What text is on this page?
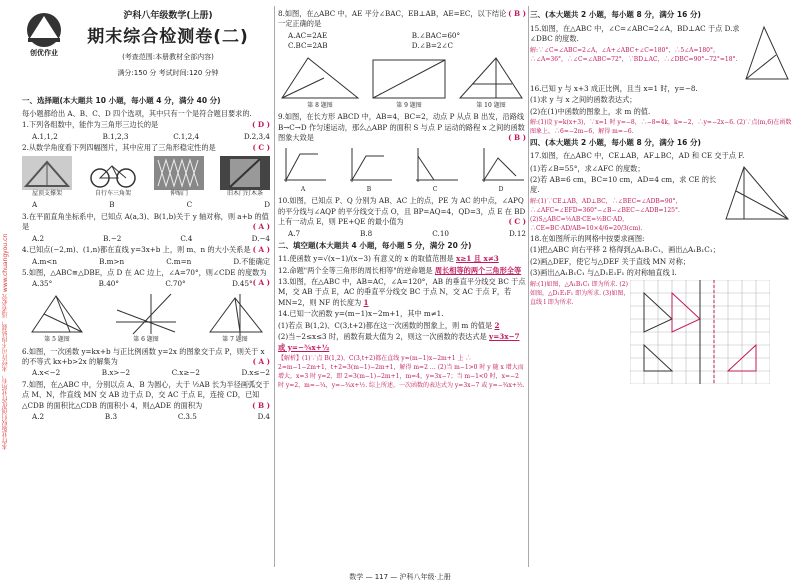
本作业版权归创优作业所有，未经许可不得转载，违者必究 www.chuangyou.cn
创优作业
沪科八年级数学(上册)
期末综合检测卷(二)
(考查范围:本册教材全部内容)
满分:150 分 考试时间:120 分钟
一、选择题(本大题共 10 小题，每小题 4 分，满分 40 分)
每小题都给出 A、B、C、D 四个选项，其中只有一个是符合题目要求的.
( D )
1.下列各组数中，能作为三角形三边长的是
A.1,1,2	B.1,2,3	C.1,2,4	D.2,3,4
( C )
2.从数学角度看下列四幅图片，其中应用了三角形稳定性的是
屋顶支撑架	自行车三角架	伸缩门	旧木门钉木条
A	B	C	D
3.在平面直角坐标系中，已知点 A(a,3)、B(1,b)关于 y 轴对称，则 a+b 的值是	( A )
A.2	B.−2	C.4	D.−4
4.已知点(−2,m)、(1,n)都在直线 y=3x+b 上，则 m、n 的大小关系是 ( A )
A.m<n	B.m>n	C.m=n	D.不能确定
5.如图，△ABC≌△DBE，点 D 在 AC 边上，∠A=70°，则∠CDE 的度数为
( A )
A.35°	B.40°	C.70°	D.45°
第 5 题图	第 6 题图	第 7 题图
6.如图，一次函数 y=kx+b 与正比例函数 y=2x 的图象交于点 P，则关于 x 的不等式 kx+b>2x 的解集为	( A )
A.x<−2	B.x>−2	C.x≥−2	D.x≤−2
7.如图，在△ABC 中，分别以点 A、B 为圆心，大于 ½AB 长为半径画弧交于点 M、N，作直线 MN 交 AB 边于点 D，交 AC 于点 E，连接 CD，已知△CDB 的面积比△CDB 的面积小 4，则△ADE 的面积为	( B )
A.2	B.3	C.3.5	D.4
( B )
8.如图，在△ABC 中，AE 平分∠BAC，EB⊥AB，AE=EC，以下结论一定正确的是
A.AC=2AE	B.∠BAC=60°
C.BC=2AB	D.∠B=2∠C
第 8 题图	第 9 题图	第 10 题图
9.如图，在长方形 ABCD 中，AB=4，BC=2，动点 P 从点 B 出发，沿路线 B→C→D 作匀速运动，那么△ABP 的面积 S 与点 P 运动的路程 x 之间的函数图象大致是	( B )
A	B	C	D
10.如图，已知点 P、Q 分别为 AB、AC 上的点，PE 为 AC 的中点，∠APQ 的平分线与∠AQP 的平分线交于点 O，且 BP=AQ=4，QD=3，点 E 在 BD 上有一动点 E，则 PE+QE 的最小值为	( C )
A.7	B.8	C.10	D.12
二、填空题(本大题共 4 小题，每小题 5 分，满分 20 分)
11.使函数 y=√(x−1)/(x−3) 有意义的 x 的取值范围是 x≥1 且 x≠3
12.命题"两个全等三角形的周长相等"的逆命题是 周长相等的两个三角形全等
13.如图，在△ABC 中，AB=AC，∠A=120°，AB 的垂直平分线交 BC 于点 M，交 AB 于点 E，AC 的垂直平分线交 BC 于点 N，交 AC 于点 F，若 MN=2，则 NF 的长度为 1
14.已知一次函数 y=(m−1)x−2m+1，其中 m≠1.
(1)若点 B(1,2)、C(3,t+2)都在这一次函数的图象上，则 m 的值是 2
(2)当−2≤x≤3 时，函数有最大值为 2，则这一次函数的表达式是 y=3x−7 或 y=−¾x+½
【解析】(1)∵点 B(1,2)、C(3,t+2)都在直线 y=(m−1)x−2m+1 上 ∴ 2=m−1−2m+1，t+2=3(m−1)−2m+1，解得 m=2 … (2)当 m−1>0 时 y 随 x 增大而增大，x=3 时 y=2，即 2=3(m−1)−2m+1，m=4，y=3x−7；当 m−1<0 时，x=−2 时 y=2，m=−¼，y=−¾x+½. 综上所述，一次函数的表达式为 y=3x−7 或 y=−¾x+½.
三、(本大题共 2 小题，每小题 8 分，满分 16 分)
15.如图，在△ABC 中，∠C=∠ABC=2∠A，BD⊥AC 于点 D.求∠DBC 的度数.
解:∵∠C=∠ABC=2∠A，∠A+∠ABC+∠C=180°，∴5∠A=180°，∴∠A=36°，∴∠C=∠ABC=72°，∵BD⊥AC，∴∠DBC=90°−72°=18°.
16.已知 y 与 x+3 成正比例，且当 x=1 时，y=−8.
(1)求 y 与 x 之间的函数表达式；
(2)在(1)中函数的图象上，求 m 的值.
解:(1)设 y=k(x+3)，∵x=1 时 y=−8，∴−8=4k，k=−2，∴y=−2x−6. (2)∵点(m,6)在函数图象上，∴6=−2m−6，解得 m=−6.
四、(本大题共 2 小题，每小题 8 分，满分 16 分)
17.如图，在△ABC 中，CE⊥AB，AF⊥BC，AD 和 CE 交于点 F.
(1)若∠B=55°，求∠AFC 的度数；
(2)若 AB=6 cm，BC=10 cm，AD=4 cm，求 CE 的长度.
解:(1)∵CE⊥AB，AD⊥BC，∴∠BEC=∠ADB=90°，∴∠AFC=∠EFD=360°−∠B−∠BEC−∠ADB=125°. (2)S△ABC=½AB·CE=½BC·AD，∴CE=BC·AD/AB=10×4/6=20/3(cm).
18.在如图所示的网格中按要求画图:
(1)把△ABC 向右平移 2 格得到△A₁B₁C₁，画出△A₁B₁C₁；
(2)画△DEF，使它与△DEF 关于直线 MN 对称；
(3)画出△A₁B₁C₁ 与△D₁E₁F₁ 的对称轴直线 l.
解:(1)如图，△A₁B₁C₁ 即为所求. (2)如图，△D₁E₁F₁ 即为所求. (3)如图，直线 l 即为所求.
数学 — 117 — 沪科八年级·上册
